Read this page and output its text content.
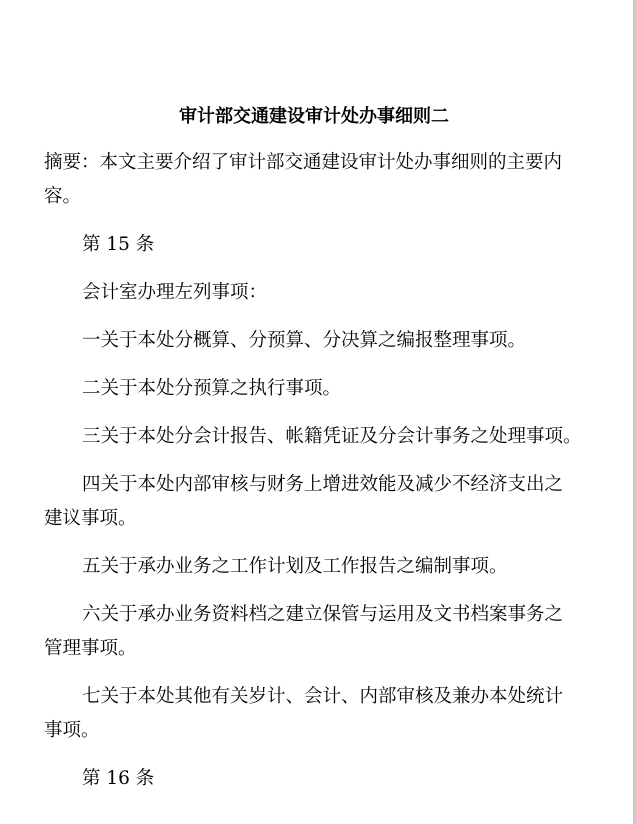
审计部交通建设审计处办事细则二

摘要：本文主要介绍了审计部交通建设审计处办事细则的主要内
容。

第 15 条

会计室办理左列事项：

一关于本处分概算、分预算、分决算之编报整理事项。

二关于本处分预算之执行事项。

三关于本处分会计报告、帐籍凭证及分会计事务之处理事项。

四关于本处内部审核与财务上增进效能及减少不经济支出之
建议事项。

五关于承办业务之工作计划及工作报告之编制事项。

六关于承办业务资料档之建立保管与运用及文书档案事务之
管理事项。

七关于本处其他有关岁计、会计、内部审核及兼办本处统计
事项。

第 16 条
